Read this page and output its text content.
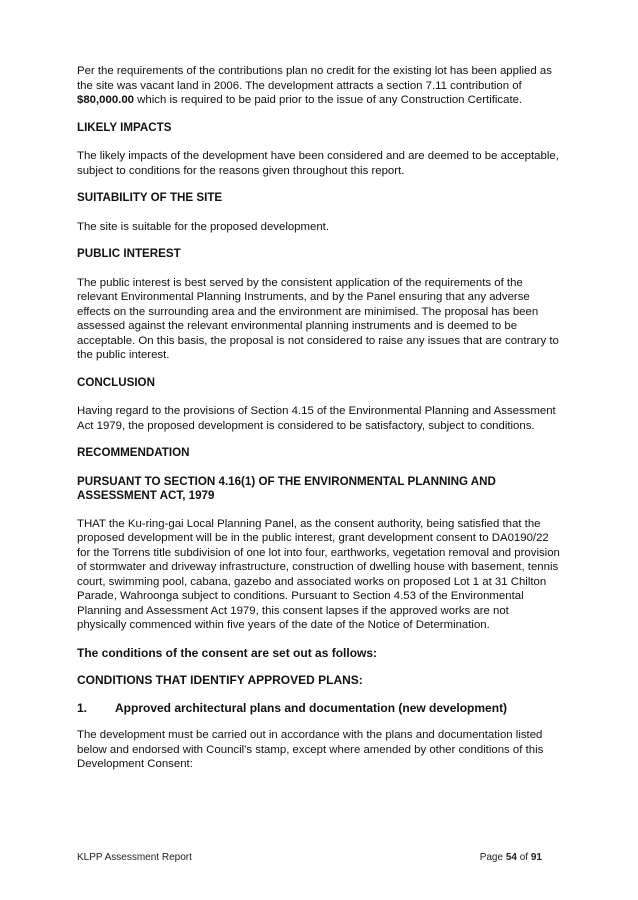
Per the requirements of the contributions plan no credit for the existing lot has been applied as the site was vacant land in 2006. The development attracts a section 7.11 contribution of $80,000.00 which is required to be paid prior to the issue of any Construction Certificate.

LIKELY IMPACTS

The likely impacts of the development have been considered and are deemed to be acceptable, subject to conditions for the reasons given throughout this report.

SUITABILITY OF THE SITE

The site is suitable for the proposed development.

PUBLIC INTEREST

The public interest is best served by the consistent application of the requirements of the relevant Environmental Planning Instruments, and by the Panel ensuring that any adverse effects on the surrounding area and the environment are minimised. The proposal has been assessed against the relevant environmental planning instruments and is deemed to be acceptable. On this basis, the proposal is not considered to raise any issues that are contrary to the public interest.

CONCLUSION

Having regard to the provisions of Section 4.15 of the Environmental Planning and Assessment Act 1979, the proposed development is considered to be satisfactory, subject to conditions.

RECOMMENDATION
PURSUANT TO SECTION 4.16(1) OF THE ENVIRONMENTAL PLANNING AND ASSESSMENT ACT, 1979

THAT the Ku-ring-gai Local Planning Panel, as the consent authority, being satisfied that the proposed development will be in the public interest, grant development consent to DA0190/22 for the Torrens title subdivision of one lot into four, earthworks, vegetation removal and provision of stormwater and driveway infrastructure, construction of dwelling house with basement, tennis court, swimming pool, cabana, gazebo and associated works on proposed Lot 1 at 31 Chilton Parade, Wahroonga subject to conditions. Pursuant to Section 4.53 of the Environmental Planning and Assessment Act 1979, this consent lapses if the approved works are not physically commenced within five years of the date of the Notice of Determination.

The conditions of the consent are set out as follows:

CONDITIONS THAT IDENTIFY APPROVED PLANS:

1.	Approved architectural plans and documentation (new development)

The development must be carried out in accordance with the plans and documentation listed below and endorsed with Council's stamp, except where amended by other conditions of this Development Consent:

KLPP Assessment Report	Page 54 of 91
